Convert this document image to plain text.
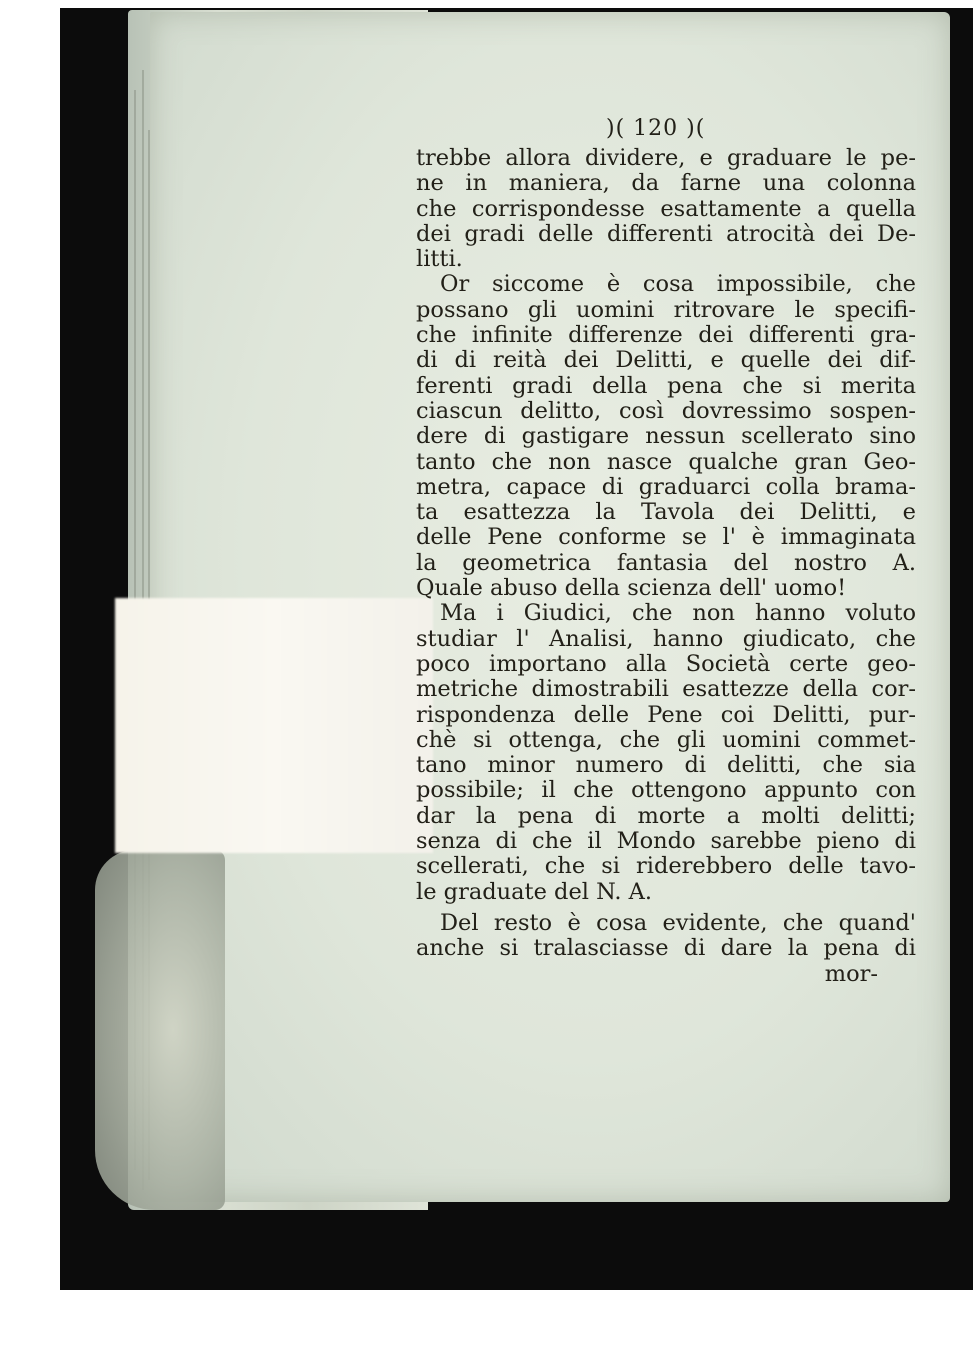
)( 120 )(
trebbe allora dividere, e graduare le pe-
ne in maniera, da farne una colonna
che corrispondesse esattamente a quella
dei gradi delle differenti atrocità dei De-
litti.
Or siccome è cosa impossibile, che
possano gli uomini ritrovare le specifi-
che infinite differenze dei differenti gra-
di di reità dei Delitti, e quelle dei dif-
ferenti gradi della pena che si merita
ciascun delitto, così dovressimo sospen-
dere di gastigare nessun scellerato sino
tanto che non nasce qualche gran Geo-
metra, capace di graduarci colla brama-
ta esattezza la Tavola dei Delitti, e
delle Pene conforme se l' è immaginata
la geometrica fantasia del nostro A.
Quale abuso della scienza dell' uomo!
Ma i Giudici, che non hanno voluto
studiar l' Analisi, hanno giudicato, che
poco importano alla Società certe geo-
metriche dimostrabili esattezze della cor-
rispondenza delle Pene coi Delitti, pur-
chè si ottenga, che gli uomini commet-
tano minor numero di delitti, che sia
possibile; il che ottengono appunto con
dar la pena di morte a molti delitti;
senza di che il Mondo sarebbe pieno di
scellerati, che si riderebbero delle tavo-
le graduate del N. A.
Del resto è cosa evidente, che quand'
anche si tralasciasse di dare la pena di
mor-
